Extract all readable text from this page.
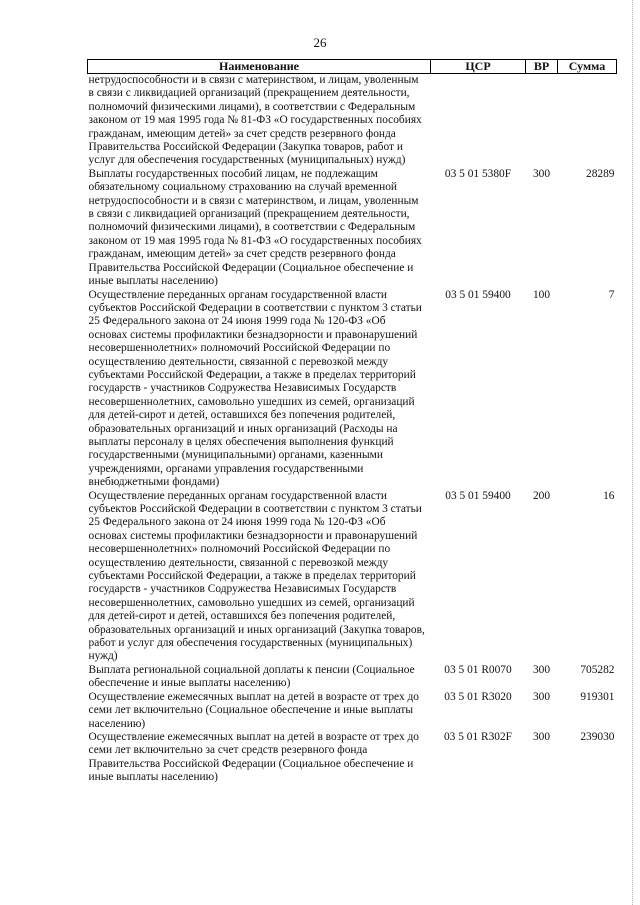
26
Наименование	ЦСР	ВР	Сумма
нетрудоспособности и в связи с материнством, и лицам, уволенным в связи с ликвидацией организаций (прекращением деятельности, полномочий физическими лицами), в соответствии с Федеральным законом от 19 мая 1995 года № 81-ФЗ «О государственных пособиях гражданам, имеющим детей» за счет средств резервного фонда Правительства Российской Федерации (Закупка товаров, работ и услуг для обеспечения государственных (муниципальных) нужд)			
Выплаты государственных пособий лицам, не подлежащим обязательному социальному страхованию на случай временной нетрудоспособности и в связи с материнством, и лицам, уволенным в связи с ликвидацией организаций (прекращением деятельности, полномочий физическими лицами), в соответствии с Федеральным законом от 19 мая 1995 года № 81-ФЗ «О государственных пособиях гражданам, имеющим детей» за счет средств резервного фонда Правительства Российской Федерации (Социальное обеспечение и иные выплаты населению)	03 5 01 5380F	300	28289
Осуществление переданных органам государственной власти субъектов Российской Федерации в соответствии с пунктом 3 статьи 25 Федерального закона от 24 июня 1999 года № 120-ФЗ «Об основах системы профилактики безнадзорности и правонарушений несовершеннолетних» полномочий Российской Федерации по осуществлению деятельности, связанной с перевозкой между субъектами Российской Федерации, а также в пределах территорий государств - участников Содружества Независимых Государств несовершеннолетних, самовольно ушедших из семей, организаций для детей-сирот и детей, оставшихся без попечения родителей, образовательных организаций и иных организаций (Расходы на выплаты персоналу в целях обеспечения выполнения функций государственными (муниципальными) органами, казенными учреждениями, органами управления государственными внебюджетными фондами)	03 5 01 59400	100	7
Осуществление переданных органам государственной власти субъектов Российской Федерации в соответствии с пунктом 3 статьи 25 Федерального закона от 24 июня 1999 года № 120-ФЗ «Об основах системы профилактики безнадзорности и правонарушений несовершеннолетних» полномочий Российской Федерации по осуществлению деятельности, связанной с перевозкой между субъектами Российской Федерации, а также в пределах территорий государств - участников Содружества Независимых Государств несовершеннолетних, самовольно ушедших из семей, организаций для детей-сирот и детей, оставшихся без попечения родителей, образовательных организаций и иных организаций (Закупка товаров, работ и услуг для обеспечения государственных (муниципальных) нужд)	03 5 01 59400	200	16
Выплата региональной социальной доплаты к пенсии (Социальное обеспечение и иные выплаты населению)	03 5 01 R0070	300	705282
Осуществление ежемесячных выплат на детей в возрасте от трех до семи лет включительно (Социальное обеспечение и иные выплаты населению)	03 5 01 R3020	300	919301
Осуществление ежемесячных выплат на детей в возрасте от трех до семи лет включительно за счет средств резервного фонда Правительства Российской Федерации (Социальное обеспечение и иные выплаты населению)	03 5 01 R302F	300	239030
